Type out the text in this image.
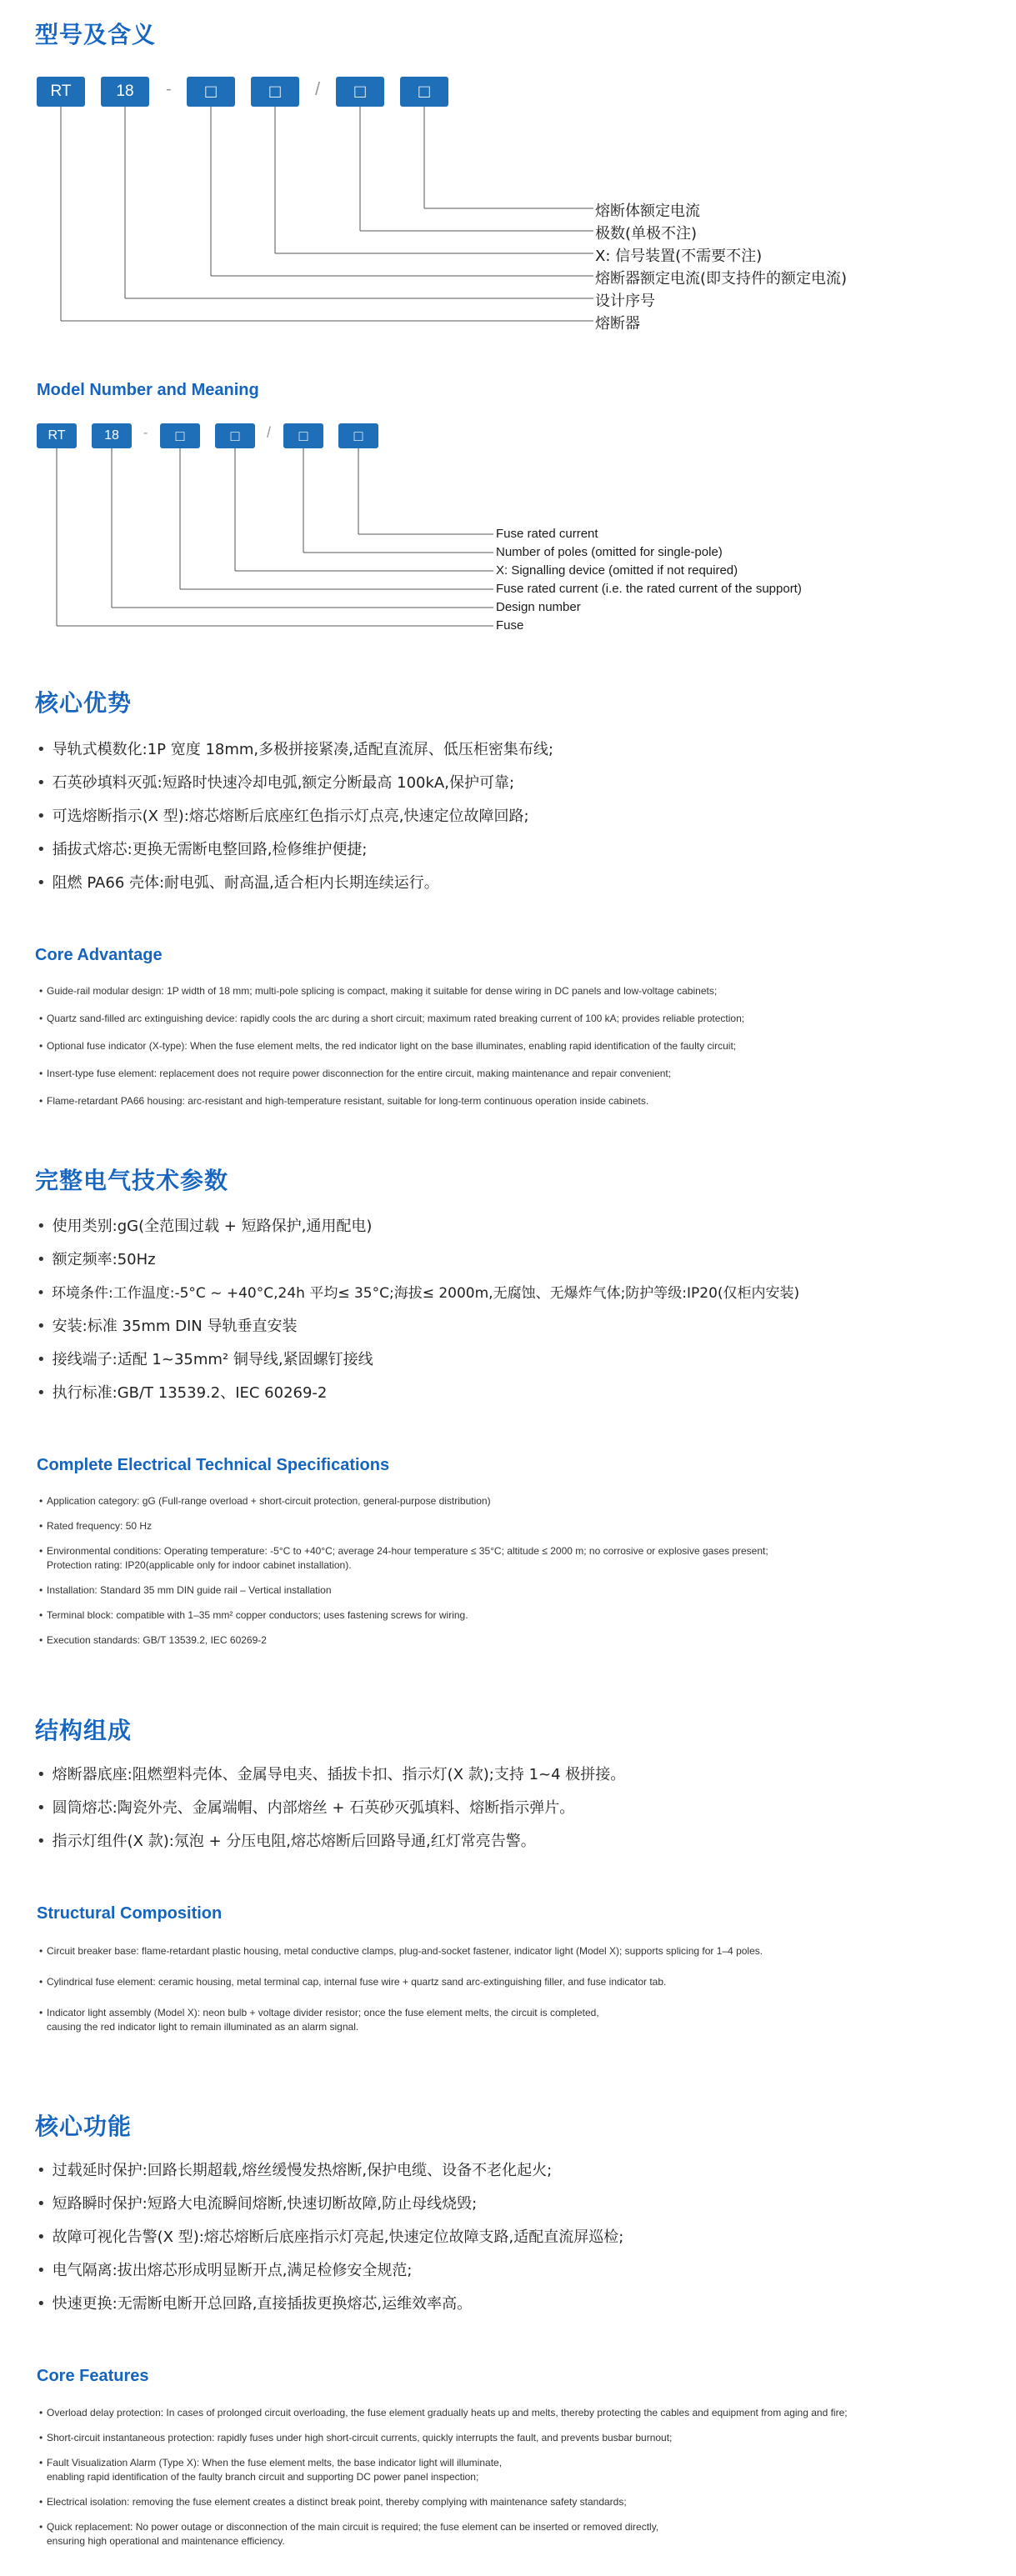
型号及含义
RT	18	-	□	□	/	□	□
熔断体额定电流
极数(单极不注)
X: 信号装置(不需要不注)
熔断器额定电流(即支持件的额定电流)
设计序号
熔断器
Model Number and Meaning
RT	18	-	□	□	/	□	□
Fuse rated current
Number of poles (omitted for single-pole)
X: Signalling device (omitted if not required)
Fuse rated current (i.e. the rated current of the support)
Design number
Fuse
核心优势
• 导轨式模数化:1P 宽度 18mm,多极拼接紧凑,适配直流屏、低压柜密集布线;
• 石英砂填料灭弧:短路时快速冷却电弧,额定分断最高 100kA,保护可靠;
• 可选熔断指示(X 型):熔芯熔断后底座红色指示灯点亮,快速定位故障回路;
• 插拔式熔芯:更换无需断电整回路,检修维护便捷;
• 阻燃 PA66 壳体:耐电弧、耐高温,适合柜内长期连续运行。
Core Advantage
• Guide-rail modular design: 1P width of 18 mm; multi-pole splicing is compact, making it suitable for dense wiring in DC panels and low-voltage cabinets;
• Quartz sand-filled arc extinguishing device: rapidly cools the arc during a short circuit; maximum rated breaking current of 100 kA; provides reliable protection;
• Optional fuse indicator (X-type): When the fuse element melts, the red indicator light on the base illuminates, enabling rapid identification of the faulty circuit;
• Insert-type fuse element: replacement does not require power disconnection for the entire circuit, making maintenance and repair convenient;
• Flame-retardant PA66 housing: arc-resistant and high-temperature resistant, suitable for long-term continuous operation inside cabinets.
完整电气技术参数
• 使用类别:gG(全范围过载 + 短路保护,通用配电)
• 额定频率:50Hz
• 环境条件:工作温度:-5°C ~ +40°C,24h 平均≤ 35°C;海拔≤ 2000m,无腐蚀、无爆炸气体;防护等级:IP20(仅柜内安装)
• 安装:标准 35mm DIN 导轨垂直安装
• 接线端子:适配 1~35mm² 铜导线,紧固螺钉接线
• 执行标准:GB/T 13539.2、IEC 60269-2
Complete Electrical Technical Specifications
• Application category: gG (Full-range overload + short-circuit protection, general-purpose distribution)
• Rated frequency: 50 Hz
• Environmental conditions: Operating temperature: -5°C to +40°C; average 24-hour temperature ≤ 35°C; altitude ≤ 2000 m; no corrosive or explosive gases present;
Protection rating: IP20(applicable only for indoor cabinet installation).
• Installation: Standard 35 mm DIN guide rail – Vertical installation
• Terminal block: compatible with 1–35 mm² copper conductors; uses fastening screws for wiring.
• Execution standards: GB/T 13539.2, IEC 60269-2
结构组成
• 熔断器底座:阻燃塑料壳体、金属导电夹、插拔卡扣、指示灯(X 款);支持 1~4 极拼接。
• 圆筒熔芯:陶瓷外壳、金属端帽、内部熔丝 + 石英砂灭弧填料、熔断指示弹片。
• 指示灯组件(X 款):氖泡 + 分压电阻,熔芯熔断后回路导通,红灯常亮告警。
Structural Composition
• Circuit breaker base: flame-retardant plastic housing, metal conductive clamps, plug-and-socket fastener, indicator light (Model X); supports splicing for 1–4 poles.
• Cylindrical fuse element: ceramic housing, metal terminal cap, internal fuse wire + quartz sand arc-extinguishing filler, and fuse indicator tab.
• Indicator light assembly (Model X): neon bulb + voltage divider resistor; once the fuse element melts, the circuit is completed,
causing the red indicator light to remain illuminated as an alarm signal.
核心功能
• 过载延时保护:回路长期超载,熔丝缓慢发热熔断,保护电缆、设备不老化起火;
• 短路瞬时保护:短路大电流瞬间熔断,快速切断故障,防止母线烧毁;
• 故障可视化告警(X 型):熔芯熔断后底座指示灯亮起,快速定位故障支路,适配直流屏巡检;
• 电气隔离:拔出熔芯形成明显断开点,满足检修安全规范;
• 快速更换:无需断电断开总回路,直接插拔更换熔芯,运维效率高。
Core Features
• Overload delay protection: In cases of prolonged circuit overloading, the fuse element gradually heats up and melts, thereby protecting the cables and equipment from aging and fire;
• Short-circuit instantaneous protection: rapidly fuses under high short-circuit currents, quickly interrupts the fault, and prevents busbar burnout;
• Fault Visualization Alarm (Type X): When the fuse element melts, the base indicator light will illuminate,
enabling rapid identification of the faulty branch circuit and supporting DC power panel inspection;
• Electrical isolation: removing the fuse element creates a distinct break point, thereby complying with maintenance safety standards;
• Quick replacement: No power outage or disconnection of the main circuit is required; the fuse element can be inserted or removed directly,
ensuring high operational and maintenance efficiency.
